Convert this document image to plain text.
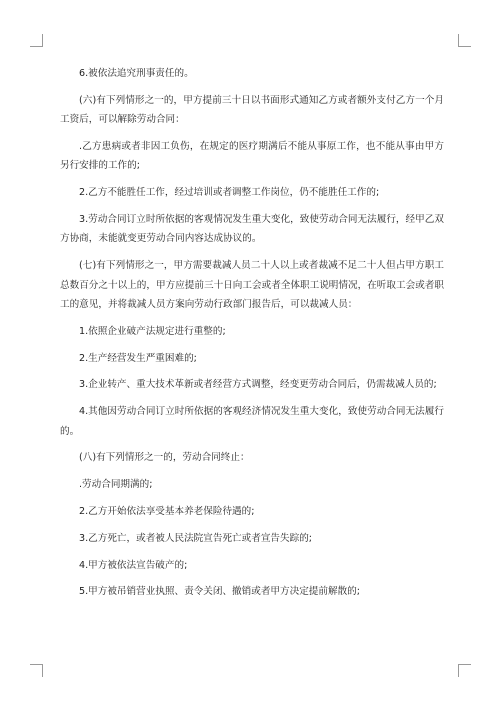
6.被依法追究刑事责任的。

(六)有下列情形之一的，甲方提前三十日以书面形式通知乙方或者额外支付乙方一个月工资后，可以解除劳动合同：

.乙方患病或者非因工负伤，在规定的医疗期满后不能从事原工作，也不能从事由甲方另行安排的工作的;

2.乙方不能胜任工作，经过培训或者调整工作岗位，仍不能胜任工作的;

3.劳动合同订立时所依据的客观情况发生重大变化，致使劳动合同无法履行，经甲乙双方协商，未能就变更劳动合同内容达成协议的。

(七)有下列情形之一，甲方需要裁减人员二十人以上或者裁减不足二十人但占甲方职工总数百分之十以上的，甲方应提前三十日向工会或者全体职工说明情况，在听取工会或者职工的意见，并将裁减人员方案向劳动行政部门报告后，可以裁减人员：

1.依照企业破产法规定进行重整的;

2.生产经营发生严重困难的;

3.企业转产、重大技术革新或者经营方式调整，经变更劳动合同后，仍需裁减人员的;

4.其他因劳动合同订立时所依据的客观经济情况发生重大变化，致使劳动合同无法履行的。

(八)有下列情形之一的，劳动合同终止：

.劳动合同期满的;

2.乙方开始依法享受基本养老保险待遇的;

3.乙方死亡，或者被人民法院宣告死亡或者宣告失踪的;

4.甲方被依法宣告破产的;

5.甲方被吊销营业执照、责令关闭、撤销或者甲方决定提前解散的;
